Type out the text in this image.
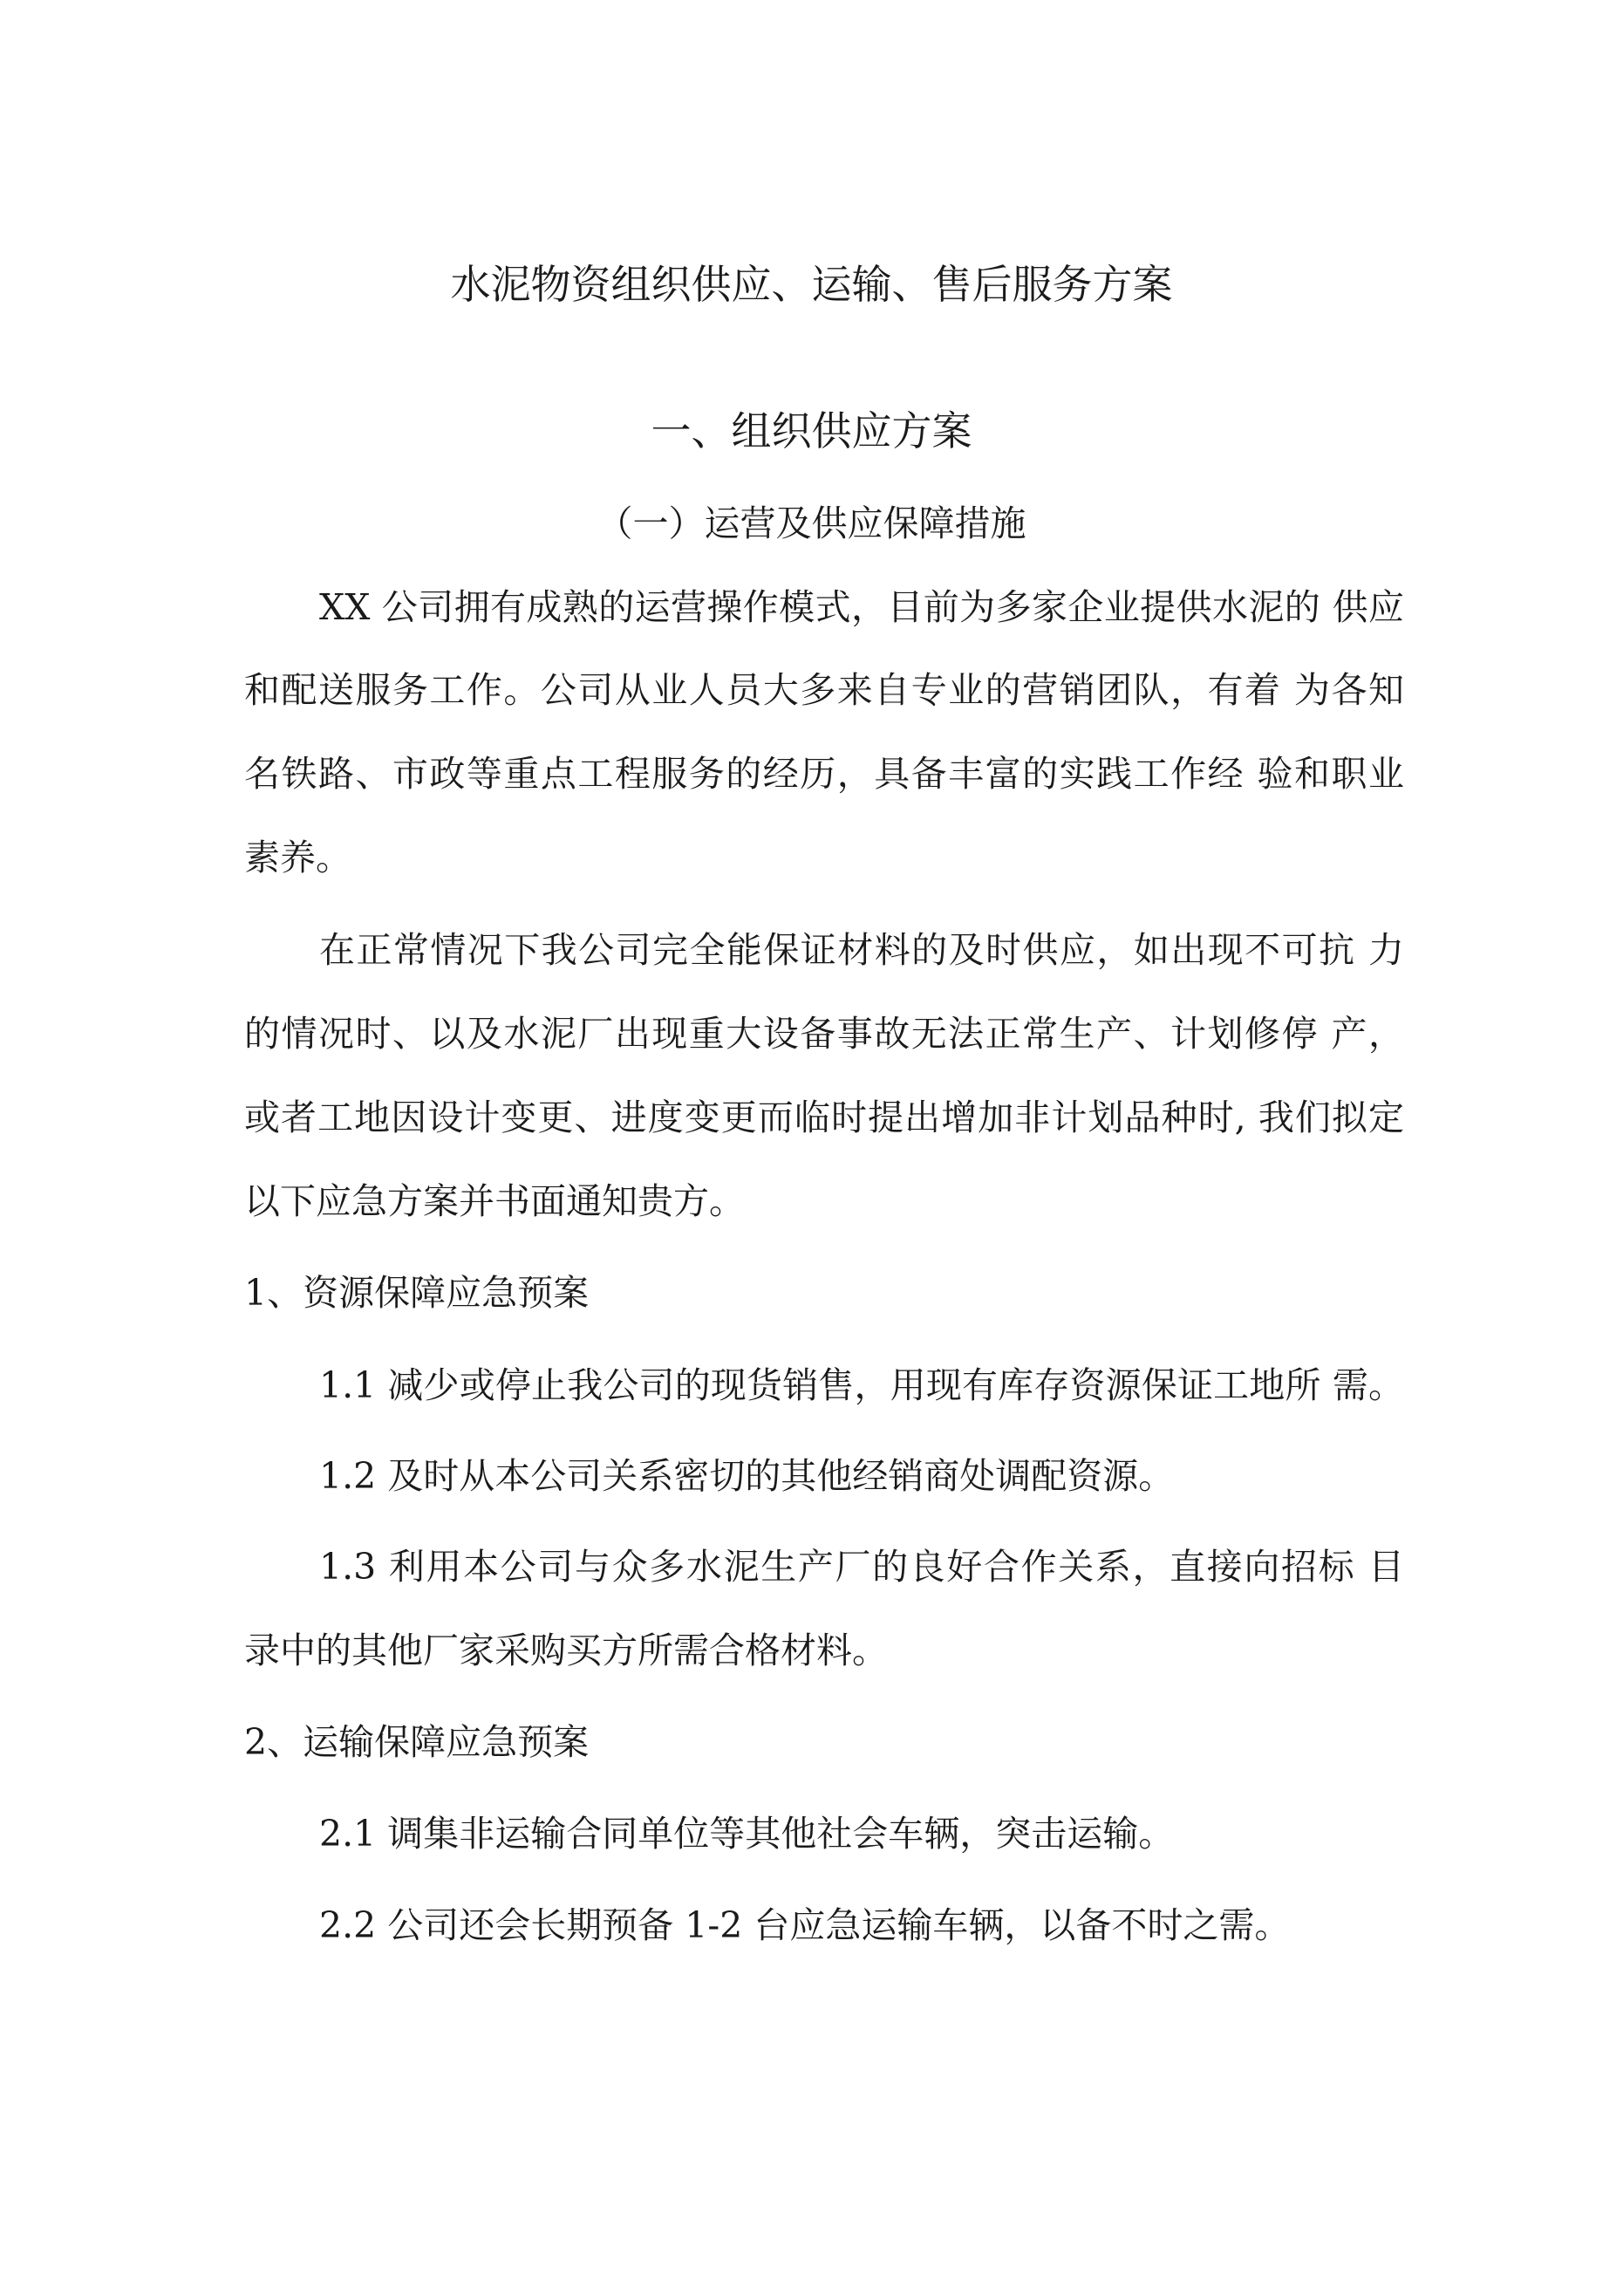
水泥物资组织供应、运输、售后服务方案
一、组织供应方案
（一）运营及供应保障措施
XX 公司拥有成熟的运营操作模式，目前为多家企业提供水泥的 供应
和配送服务工作。公司从业人员大多来自专业的营销团队，有着 为各知
名铁路、市政等重点工程服务的经历，具备丰富的实践工作经 验和职业
素养。
在正常情况下我公司完全能保证材料的及时供应，如出现不可抗 力
的情况时、以及水泥厂出现重大设备事故无法正常生产、计划修停 产，
或者工地因设计变更、进度变更而临时提出增加非计划品种时, 我们拟定
以下应急方案并书面通知贵方。
1、资源保障应急预案
1.1 减少或停止我公司的现货销售，用现有库存资源保证工地所 需。
1.2 及时从本公司关系密切的其他经销商处调配资源。
1.3 利用本公司与众多水泥生产厂的良好合作关系，直接向招标 目
录中的其他厂家采购买方所需合格材料。
2、运输保障应急预案
2.1 调集非运输合同单位等其他社会车辆，突击运输。
2.2 公司还会长期预备 1-2 台应急运输车辆，以备不时之需。
